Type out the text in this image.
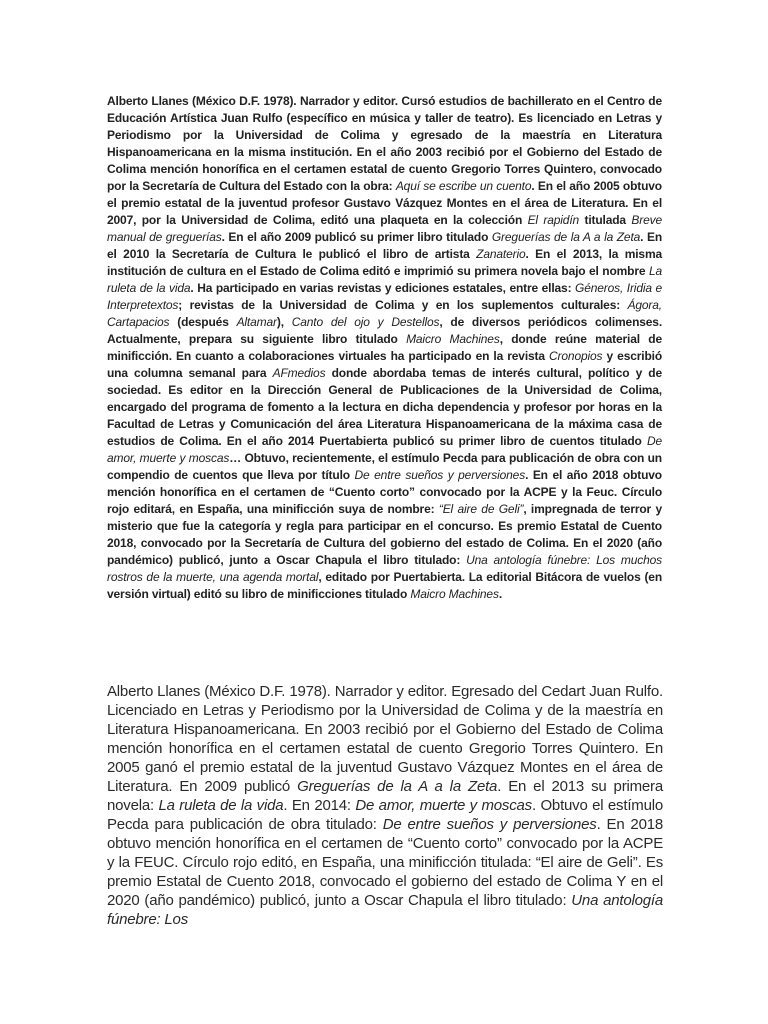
Alberto Llanes (México D.F. 1978). Narrador y editor. Cursó estudios de bachillerato en el Centro de Educación Artística Juan Rulfo (específico en música y taller de teatro). Es licenciado en Letras y Periodismo por la Universidad de Colima y egresado de la maestría en Literatura Hispanoamericana en la misma institución. En el año 2003 recibió por el Gobierno del Estado de Colima mención honorífica en el certamen estatal de cuento Gregorio Torres Quintero, convocado por la Secretaría de Cultura del Estado con la obra: Aquí se escribe un cuento. En el año 2005 obtuvo el premio estatal de la juventud profesor Gustavo Vázquez Montes en el área de Literatura. En el 2007, por la Universidad de Colima, editó una plaqueta en la colección El rapidín titulada Breve manual de greguerías. En el año 2009 publicó su primer libro titulado Greguerías de la A a la Zeta. En el 2010 la Secretaría de Cultura le publicó el libro de artista Zanaterio. En el 2013, la misma institución de cultura en el Estado de Colima editó e imprimió su primera novela bajo el nombre La ruleta de la vida. Ha participado en varias revistas y ediciones estatales, entre ellas: Géneros, Iridia e Interpretextos; revistas de la Universidad de Colima y en los suplementos culturales: Ágora, Cartapacios (después Altamar), Canto del ojo y Destellos, de diversos periódicos colimenses. Actualmente, prepara su siguiente libro titulado Maicro Machines, donde reúne material de minificción. En cuanto a colaboraciones virtuales ha participado en la revista Cronopios y escribió una columna semanal para AFmedios donde abordaba temas de interés cultural, político y de sociedad. Es editor en la Dirección General de Publicaciones de la Universidad de Colima, encargado del programa de fomento a la lectura en dicha dependencia y profesor por horas en la Facultad de Letras y Comunicación del área Literatura Hispanoamericana de la máxima casa de estudios de Colima. En el año 2014 Puertabierta publicó su primer libro de cuentos titulado De amor, muerte y moscas… Obtuvo, recientemente, el estímulo Pecda para publicación de obra con un compendio de cuentos que lleva por título De entre sueños y perversiones. En el año 2018 obtuvo mención honorífica en el certamen de “Cuento corto” convocado por la ACPE y la Feuc. Círculo rojo editará, en España, una minificción suya de nombre: “El aire de Geli”, impregnada de terror y misterio que fue la categoría y regla para participar en el concurso. Es premio Estatal de Cuento 2018, convocado por la Secretaría de Cultura del gobierno del estado de Colima. En el 2020 (año pandémico) publicó, junto a Oscar Chapula el libro titulado: Una antología fúnebre: Los muchos rostros de la muerte, una agenda mortal, editado por Puertabierta. La editorial Bitácora de vuelos (en versión virtual) editó su libro de minificciones titulado Maicro Machines.

Alberto Llanes (México D.F. 1978). Narrador y editor. Egresado del Cedart Juan Rulfo. Licenciado en Letras y Periodismo por la Universidad de Colima y de la maestría en Literatura Hispanoamericana. En 2003 recibió por el Gobierno del Estado de Colima mención honorífica en el certamen estatal de cuento Gregorio Torres Quintero. En 2005 ganó el premio estatal de la juventud Gustavo Vázquez Montes en el área de Literatura. En 2009 publicó Greguerías de la A a la Zeta. En el 2013 su primera novela: La ruleta de la vida. En 2014: De amor, muerte y moscas. Obtuvo el estímulo Pecda para publicación de obra titulado: De entre sueños y perversiones. En 2018 obtuvo mención honorífica en el certamen de “Cuento corto” convocado por la ACPE y la FEUC. Círculo rojo editó, en España, una minificción titulada: “El aire de Geli”. Es premio Estatal de Cuento 2018, convocado el gobierno del estado de Colima Y en el 2020 (año pandémico) publicó, junto a Oscar Chapula el libro titulado: Una antología fúnebre: Los
